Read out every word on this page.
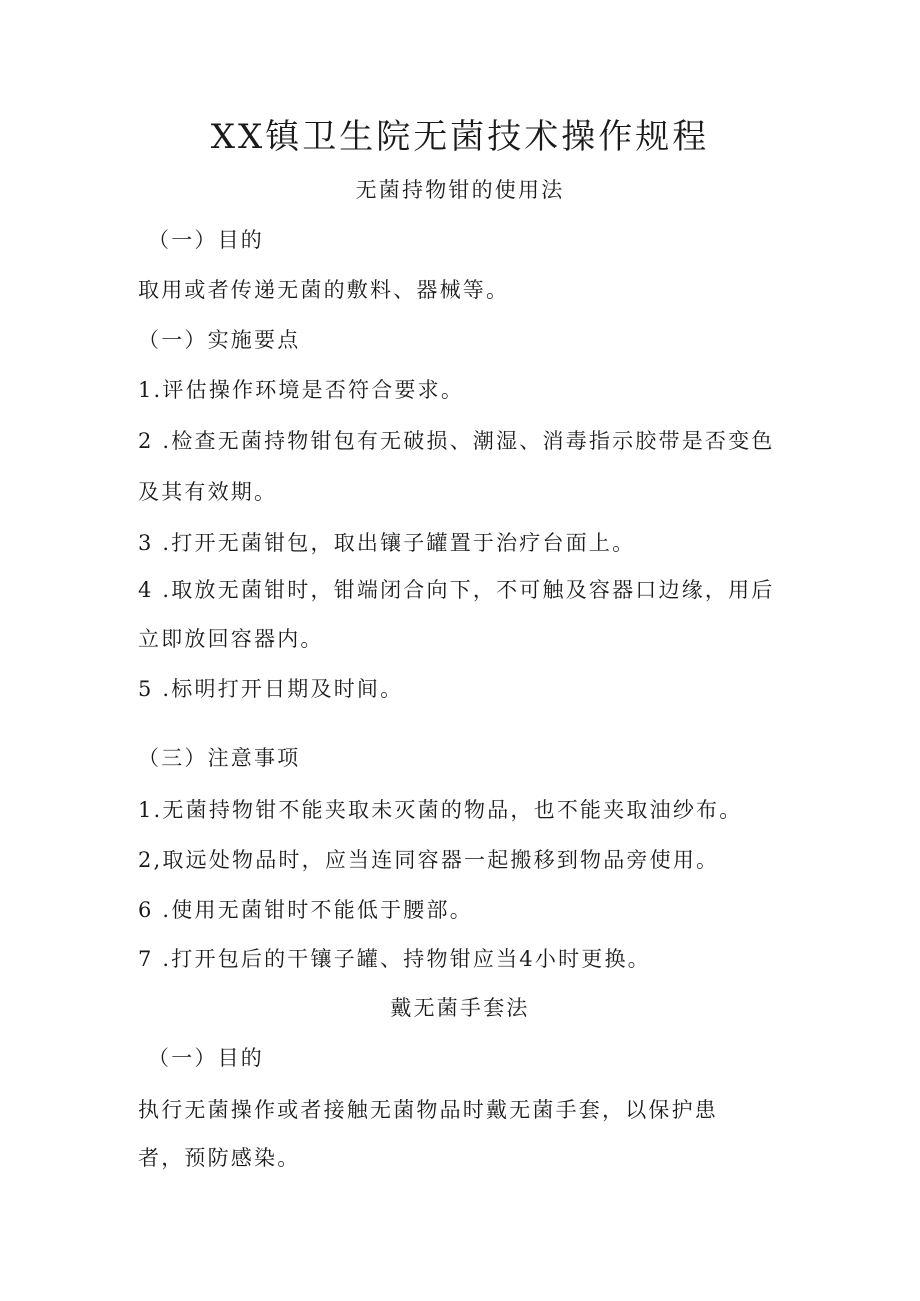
XX镇卫生院无菌技术操作规程
无菌持物钳的使用法
（一）目的
取用或者传递无菌的敷料、器械等。
（一）实施要点
1.评估操作环境是否符合要求。
2 .检查无菌持物钳包有无破损、潮湿、消毒指示胶带是否变色
及其有效期。
3 .打开无菌钳包，取出镶子罐置于治疗台面上。
4 .取放无菌钳时，钳端闭合向下，不可触及容器口边缘，用后
立即放回容器内。
5 .标明打开日期及时间。
（三）注意事项
1.无菌持物钳不能夹取未灭菌的物品，也不能夹取油纱布。
2,取远处物品时，应当连同容器一起搬移到物品旁使用。
6 .使用无菌钳时不能低于腰部。
7 .打开包后的干镶子罐、持物钳应当4小时更换。
戴无菌手套法
（一）目的
执行无菌操作或者接触无菌物品时戴无菌手套，以保护患
者，预防感染。
